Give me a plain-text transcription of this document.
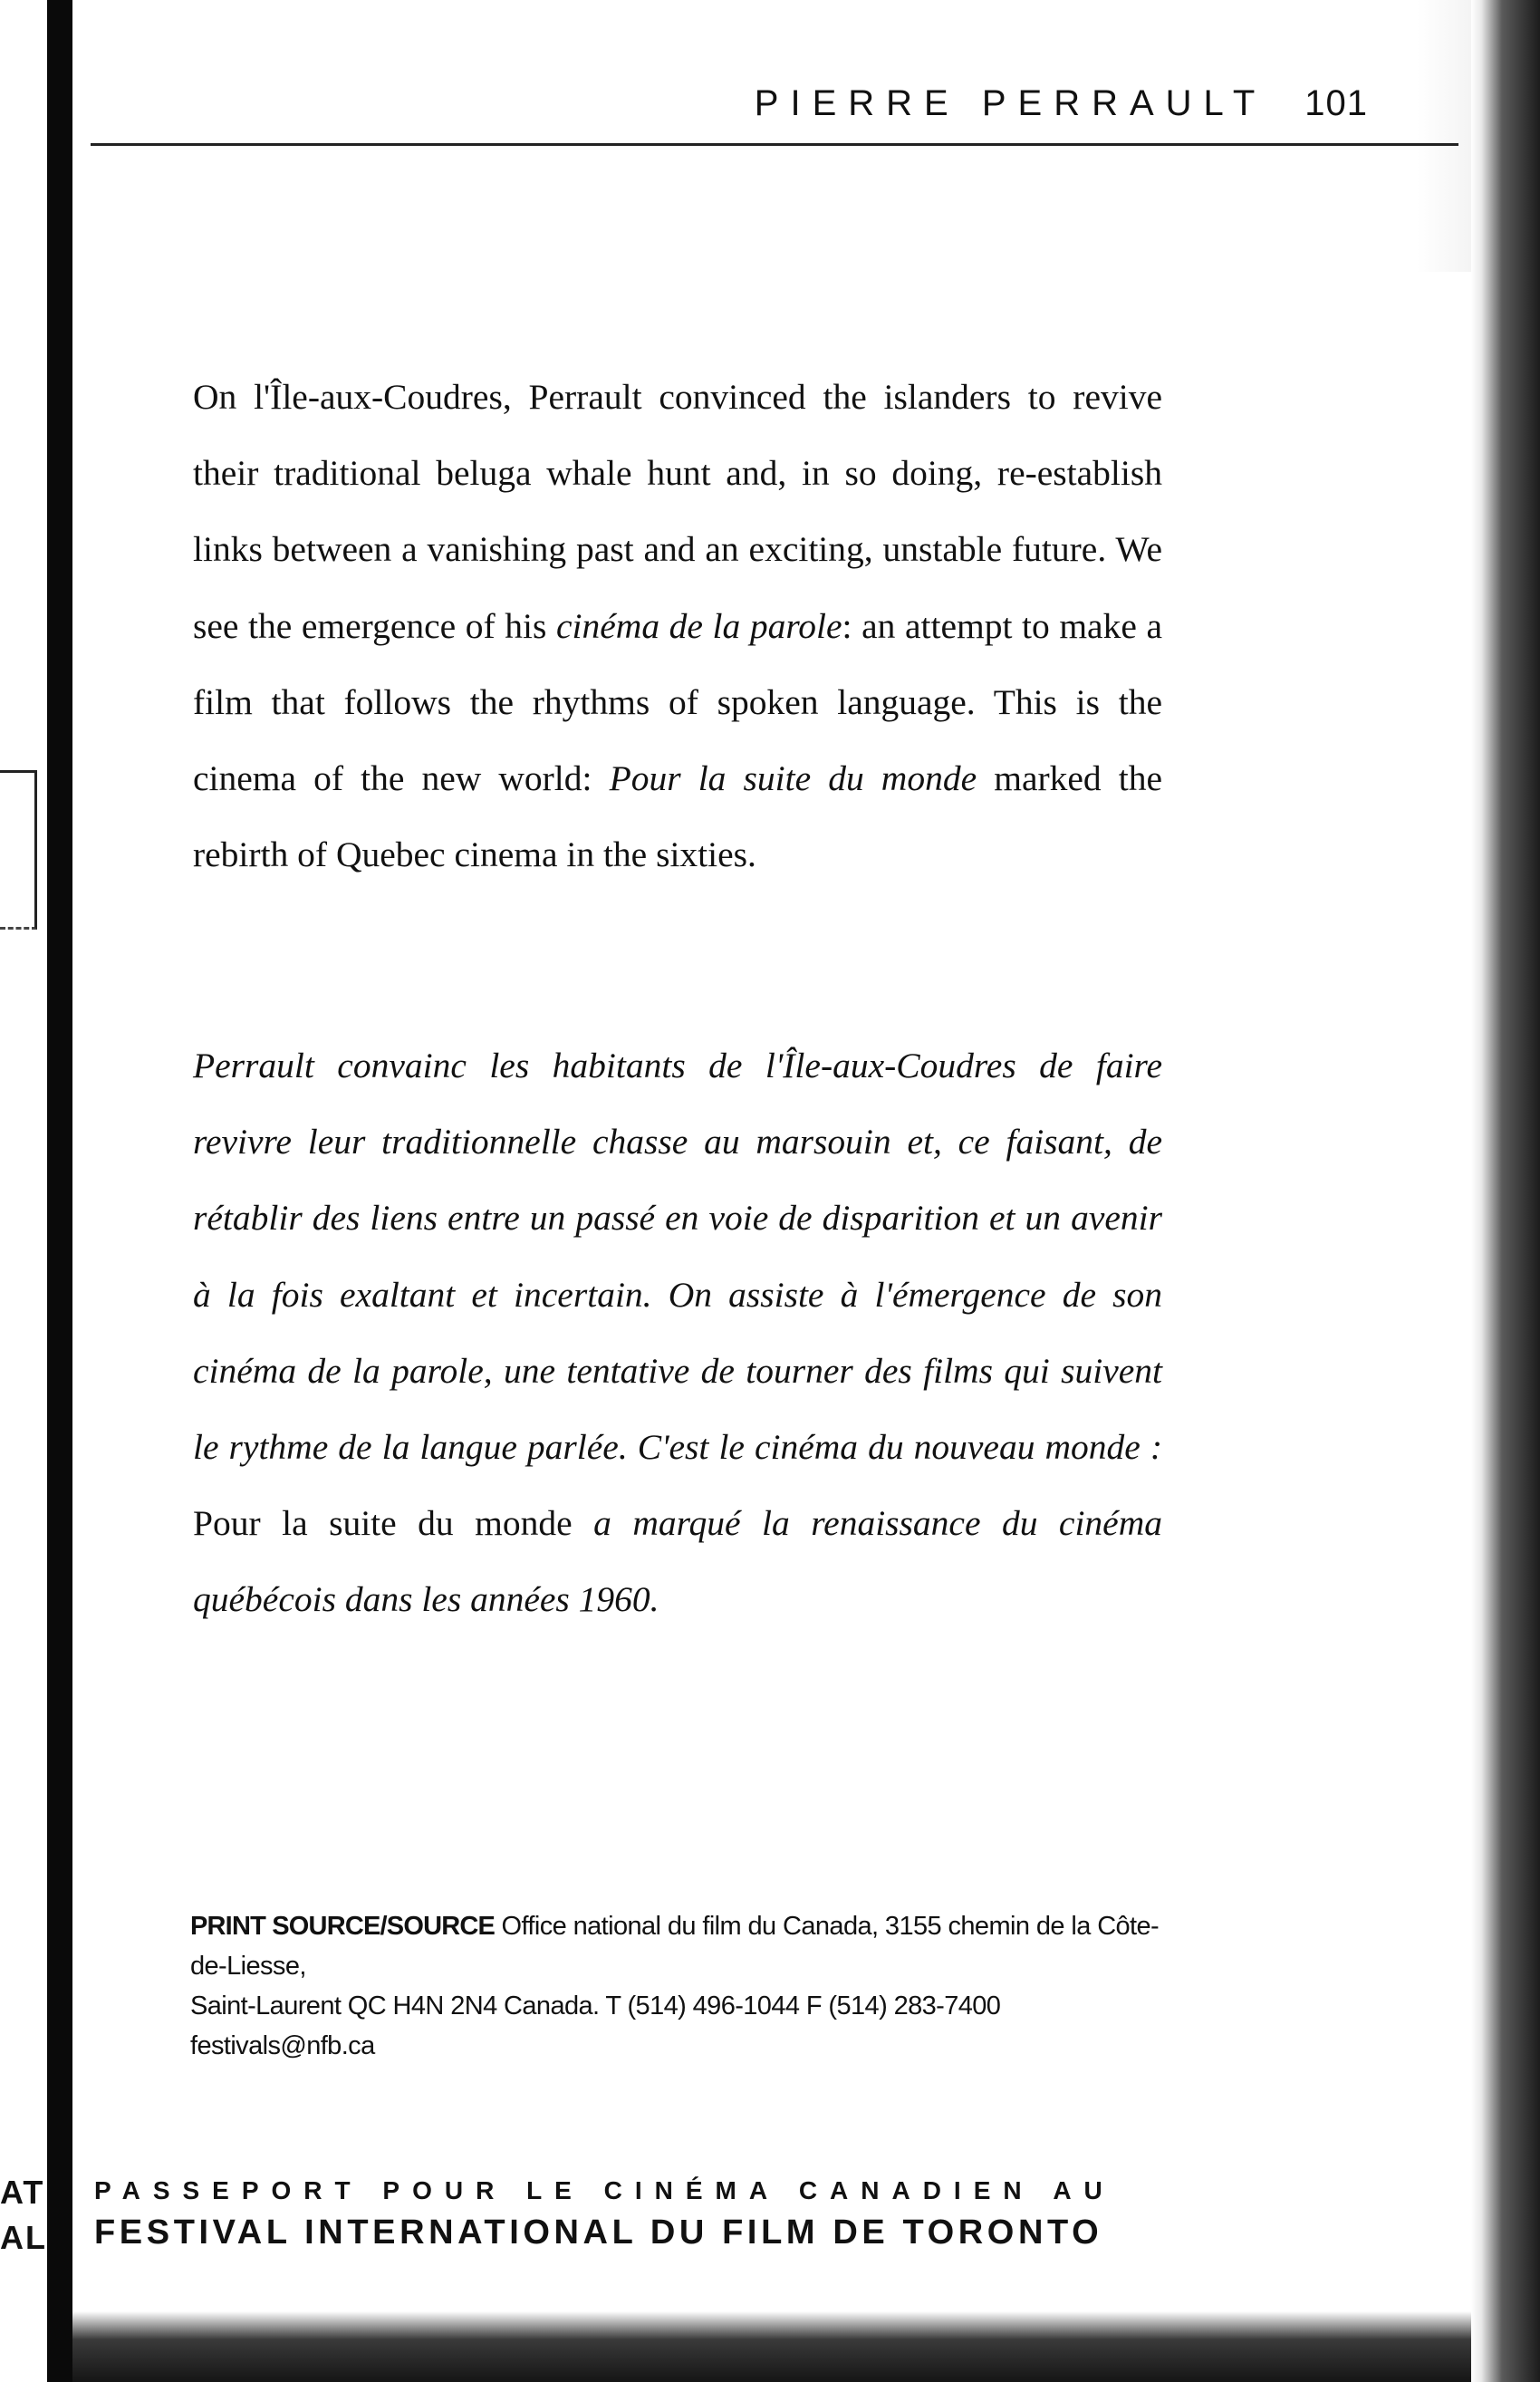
AT
AL
PIERRE PERRAULT 101

On l'Île-aux-Coudres, Perrault convinced the islanders to revive their traditional beluga whale hunt and, in so doing, re-establish links between a vanishing past and an exciting, unstable future. We see the emergence of his cinéma de la parole: an attempt to make a film that follows the rhythms of spoken language. This is the cinema of the new world: Pour la suite du monde marked the rebirth of Quebec cinema in the sixties.

Perrault convainc les habitants de l'Île-aux-Coudres de faire revivre leur traditionnelle chasse au marsouin et, ce faisant, de rétablir des liens entre un passé en voie de disparition et un avenir à la fois exaltant et incertain. On assiste à l'émergence de son cinéma de la parole, une tentative de tourner des films qui suivent le rythme de la langue parlée. C'est le cinéma du nouveau monde : Pour la suite du monde a marqué la renaissance du cinéma québécois dans les années 1960.

PRINT SOURCE/SOURCE Office national du film du Canada, 3155 chemin de la Côte-de-Liesse,
Saint-Laurent QC H4N 2N4 Canada. T (514) 496-1044 F (514) 283-7400 festivals@nfb.ca
PASSEPORT POUR LE CINÉMA CANADIEN AU
FESTIVAL INTERNATIONAL DU FILM DE TORONTO
